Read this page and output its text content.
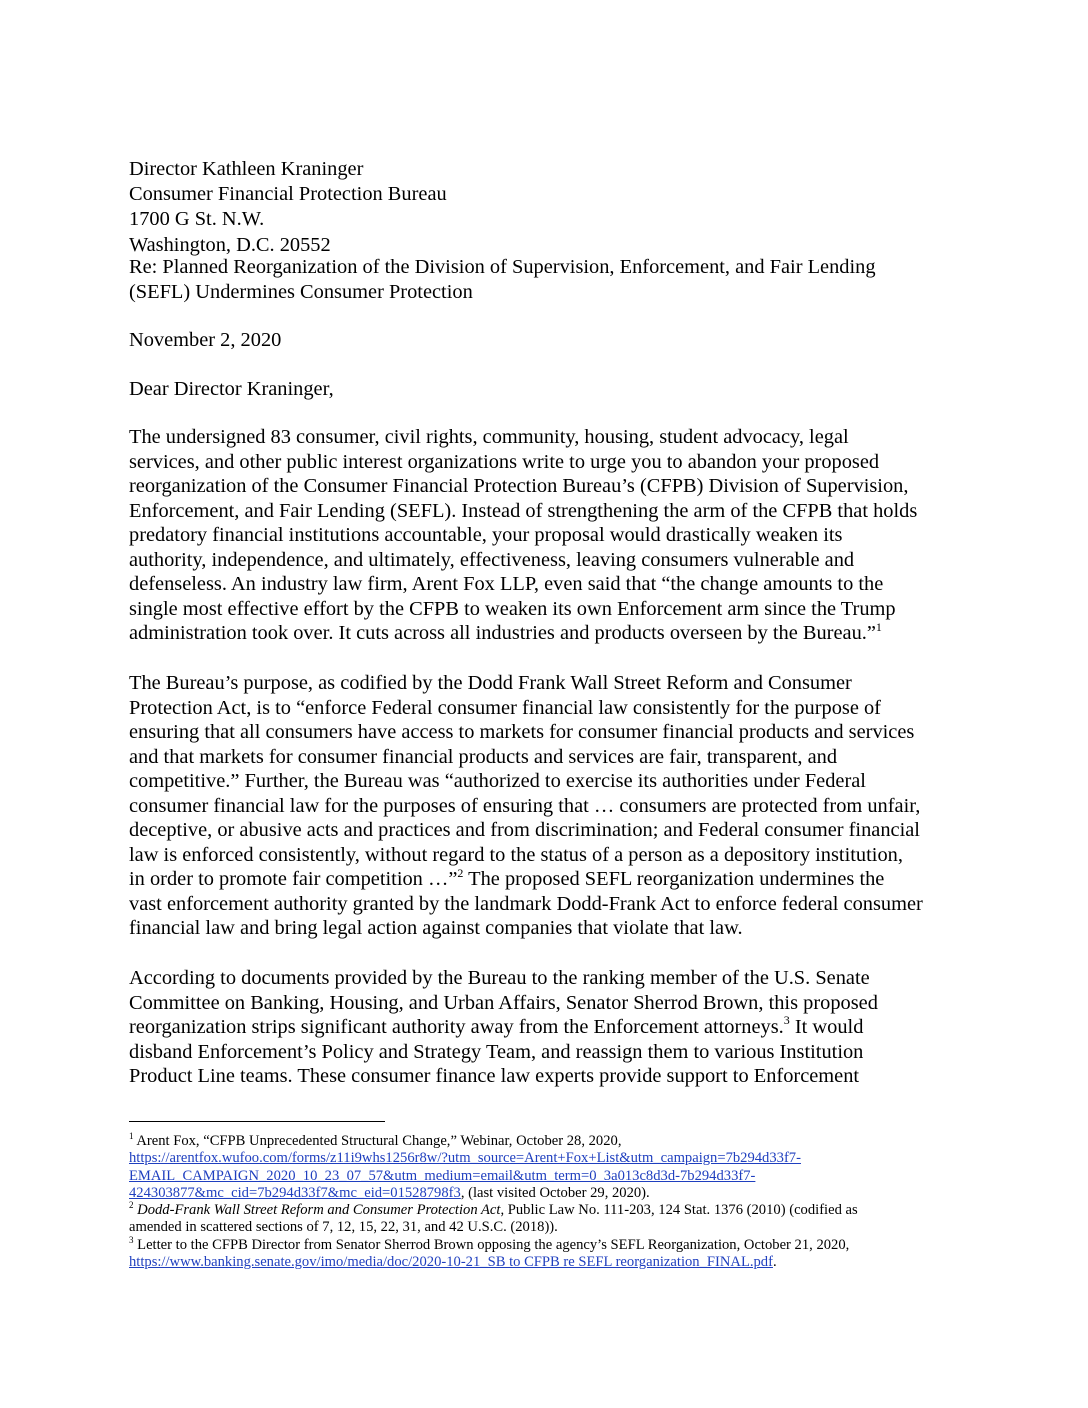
Director Kathleen Kraninger
Consumer Financial Protection Bureau
1700 G St. N.W.
Washington, D.C. 20552
Re: Planned Reorganization of the Division of Supervision, Enforcement, and Fair Lending
(SEFL) Undermines Consumer Protection
November 2, 2020
Dear Director Kraninger,
The undersigned 83 consumer, civil rights, community, housing, student advocacy, legal
services, and other public interest organizations write to urge you to abandon your proposed
reorganization of the Consumer Financial Protection Bureau’s (CFPB) Division of Supervision,
Enforcement, and Fair Lending (SEFL). Instead of strengthening the arm of the CFPB that holds
predatory financial institutions accountable, your proposal would drastically weaken its
authority, independence, and ultimately, effectiveness, leaving consumers vulnerable and
defenseless. An industry law firm, Arent Fox LLP, even said that “the change amounts to the
single most effective effort by the CFPB to weaken its own Enforcement arm since the Trump
administration took over. It cuts across all industries and products overseen by the Bureau.”$^1$
The Bureau’s purpose, as codified by the Dodd Frank Wall Street Reform and Consumer
Protection Act, is to “enforce Federal consumer financial law consistently for the purpose of
ensuring that all consumers have access to markets for consumer financial products and services
and that markets for consumer financial products and services are fair, transparent, and
competitive.” Further, the Bureau was “authorized to exercise its authorities under Federal
consumer financial law for the purposes of ensuring that … consumers are protected from unfair,
deceptive, or abusive acts and practices and from discrimination; and Federal consumer financial
law is enforced consistently, without regard to the status of a person as a depository institution,
in order to promote fair competition …”$^2$ The proposed SEFL reorganization undermines the
vast enforcement authority granted by the landmark Dodd-Frank Act to enforce federal consumer
financial law and bring legal action against companies that violate that law.
According to documents provided by the Bureau to the ranking member of the U.S. Senate
Committee on Banking, Housing, and Urban Affairs, Senator Sherrod Brown, this proposed
reorganization strips significant authority away from the Enforcement attorneys.$^3$ It would
disband Enforcement’s Policy and Strategy Team, and reassign them to various Institution
Product Line teams. These consumer finance law experts provide support to Enforcement
$^1$ Arent Fox, “CFPB Unprecedented Structural Change,” Webinar, October 28, 2020,
https://arentfox.wufoo.com/forms/z11i9whs1256r8w/?utm_source=Arent+Fox+List&utm_campaign=7b294d33f7-
EMAIL_CAMPAIGN_2020_10_23_07_57&utm_medium=email&utm_term=0_3a013c8d3d-7b294d33f7-
424303877&mc_cid=7b294d33f7&mc_eid=01528798f3, (last visited October 29, 2020).
$^2$ Dodd-Frank Wall Street Reform and Consumer Protection Act, Public Law No. 111-203, 124 Stat. 1376 (2010) (codified as
amended in scattered sections of 7, 12, 15, 22, 31, and 42 U.S.C. (2018)).
$^3$ Letter to the CFPB Director from Senator Sherrod Brown opposing the agency’s SEFL Reorganization, October 21, 2020,
https://www.banking.senate.gov/imo/media/doc/2020-10-21_SB to CFPB re SEFL reorganization_FINAL.pdf.
